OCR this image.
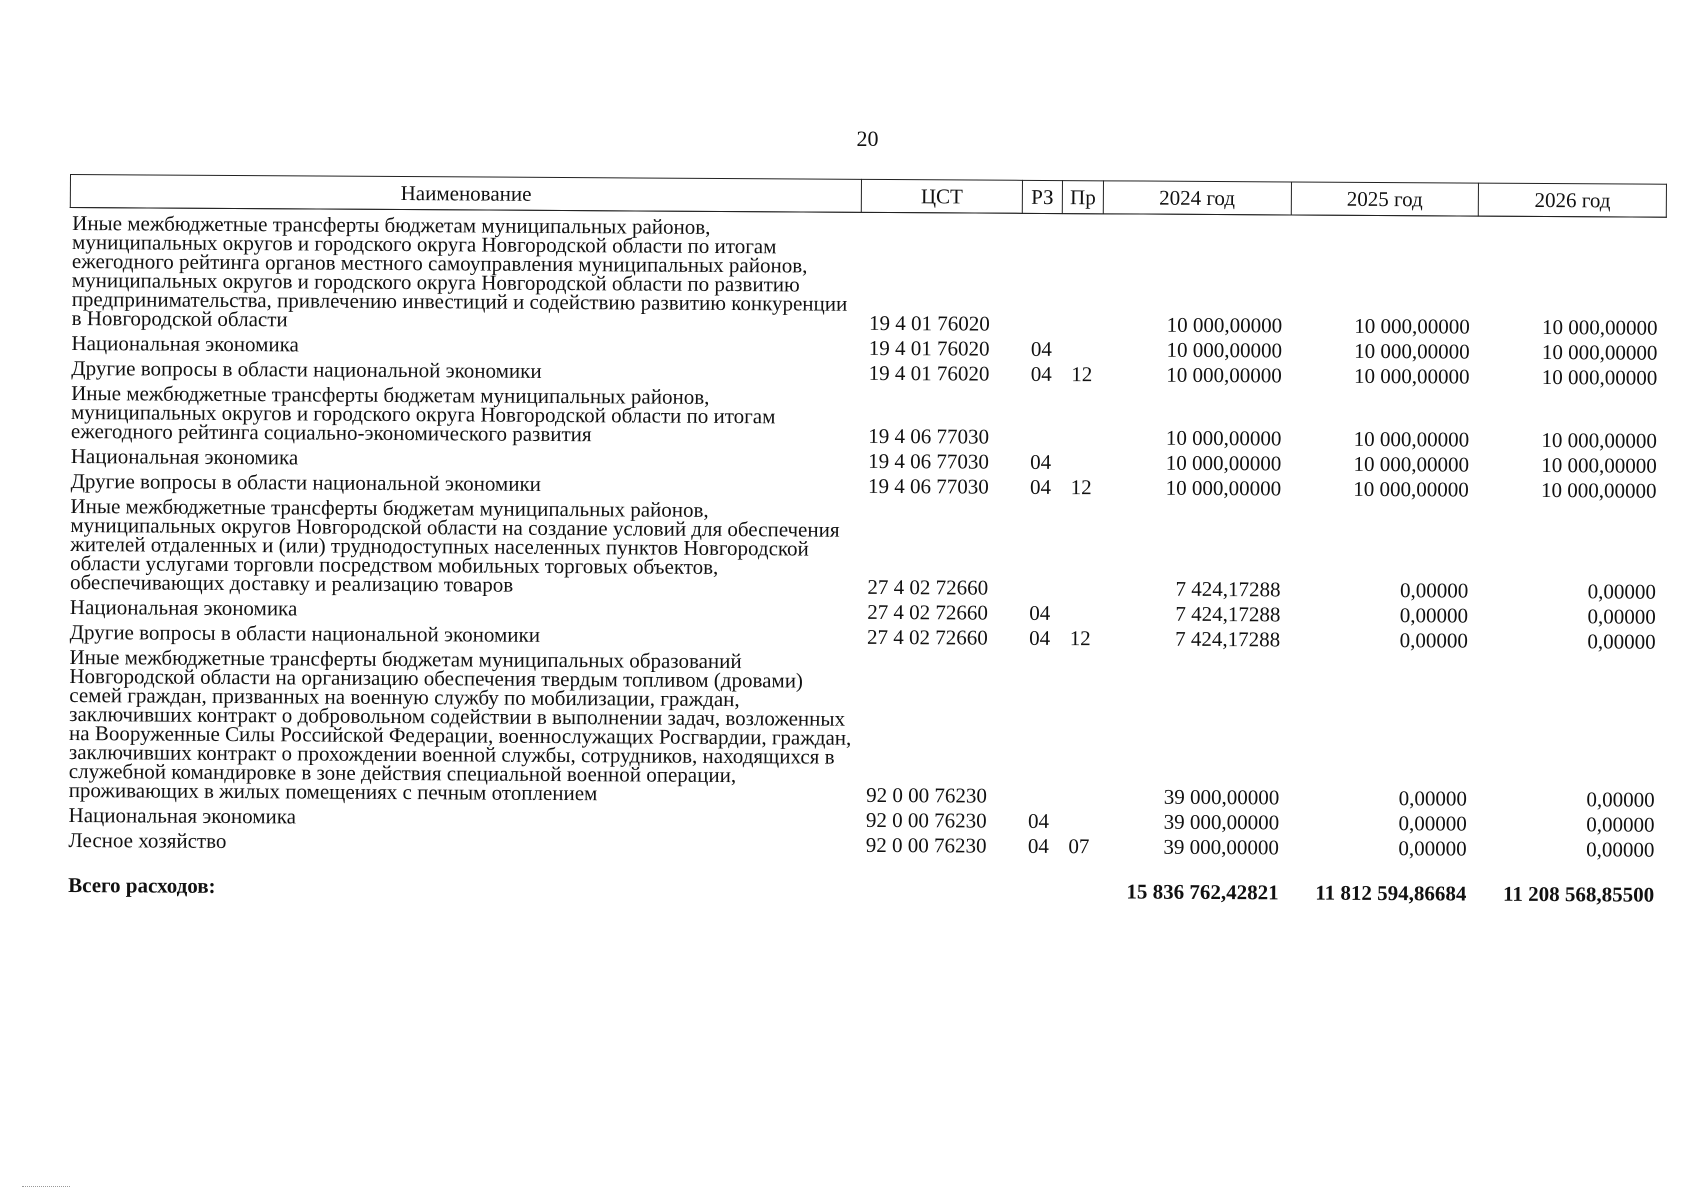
20
Наименование	ЦСТ	РЗ	Пр	2024 год	2025 год	2026 год
Иные межбюджетные трансферты бюджетам муниципальных районов, муниципальных округов и городского округа Новгородской области по итогам ежегодного рейтинга органов местного самоуправления муниципальных районов, муниципальных округов и городского округа Новгородской области по развитию предпринимательства, привлечению инвестиций и содействию развитию конкуренции в Новгородской области	19 4 01 76020			10 000,00000	10 000,00000	10 000,00000
Национальная экономика	19 4 01 76020	04		10 000,00000	10 000,00000	10 000,00000
Другие вопросы в области национальной экономики	19 4 01 76020	04	12	10 000,00000	10 000,00000	10 000,00000
Иные межбюджетные трансферты бюджетам муниципальных районов, муниципальных округов и городского округа Новгородской области по итогам ежегодного рейтинга социально-экономического развития	19 4 06 77030			10 000,00000	10 000,00000	10 000,00000
Национальная экономика	19 4 06 77030	04		10 000,00000	10 000,00000	10 000,00000
Другие вопросы в области национальной экономики	19 4 06 77030	04	12	10 000,00000	10 000,00000	10 000,00000
Иные межбюджетные трансферты бюджетам муниципальных районов, муниципальных округов Новгородской области на создание условий для обеспечения жителей отдаленных и (или) труднодоступных населенных пунктов Новгородской области услугами торговли посредством мобильных торговых объектов, обеспечивающих доставку и реализацию товаров	27 4 02 72660			7 424,17288	0,00000	0,00000
Национальная экономика	27 4 02 72660	04		7 424,17288	0,00000	0,00000
Другие вопросы в области национальной экономики	27 4 02 72660	04	12	7 424,17288	0,00000	0,00000
Иные межбюджетные трансферты бюджетам муниципальных образований Новгородской области на организацию обеспечения твердым топливом (дровами) семей граждан, призванных на военную службу по мобилизации, граждан, заключивших контракт о добровольном содействии в выполнении задач, возложенных на Вооруженные Силы Российской Федерации, военнослужащих Росгвардии, граждан, заключивших контракт о прохождении военной службы, сотрудников, находящихся в служебной командировке в зоне действия специальной военной операции, проживающих в жилых помещениях с печным отоплением	92 0 00 76230			39 000,00000	0,00000	0,00000
Национальная экономика	92 0 00 76230	04		39 000,00000	0,00000	0,00000
Лесное хозяйство	92 0 00 76230	04	07	39 000,00000	0,00000	0,00000
Всего расходов:				15 836 762,42821	11 812 594,86684	11 208 568,85500
